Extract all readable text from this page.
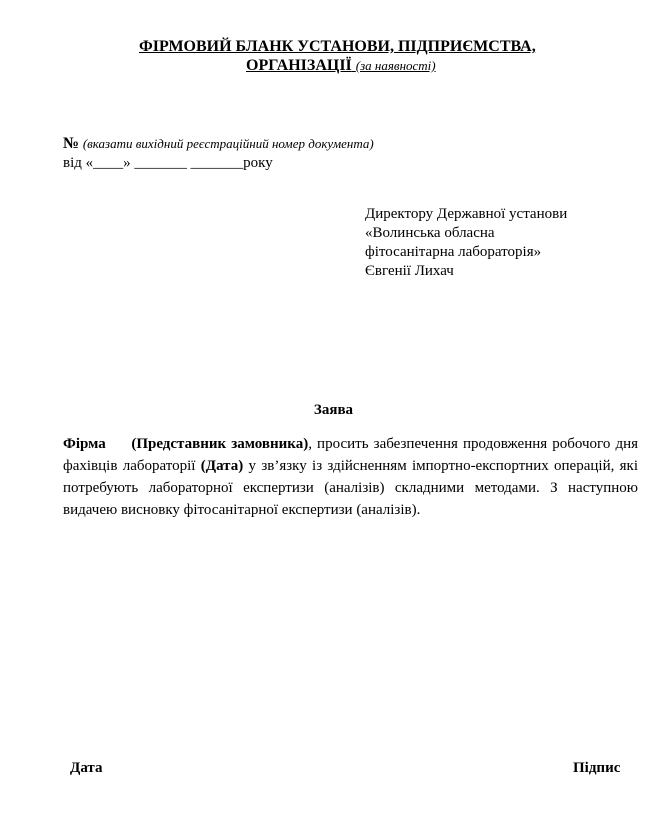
ФІРМОВИЙ БЛАНК УСТАНОВИ, ПІДПРИЄМСТВА,
ОРГАНІЗАЦІЇ (за наявності)
№ (вказати вихідний реєстраційний номер документа)
від «____» _______ _______року
Директору Державної установи
«Волинська обласна
фітосанітарна лабораторія»
Євгенії Лихач
Заява
Фірма (Представник замовника), просить забезпечення продовження робочого дня фахівців лабораторії (Дата) у зв’язку із здійсненням імпортно-експортних операцій, які потребують лабораторної експертизи (аналізів) складними методами. З наступною видачею висновку фітосанітарної експертизи (аналізів).
Дата	Підпис
